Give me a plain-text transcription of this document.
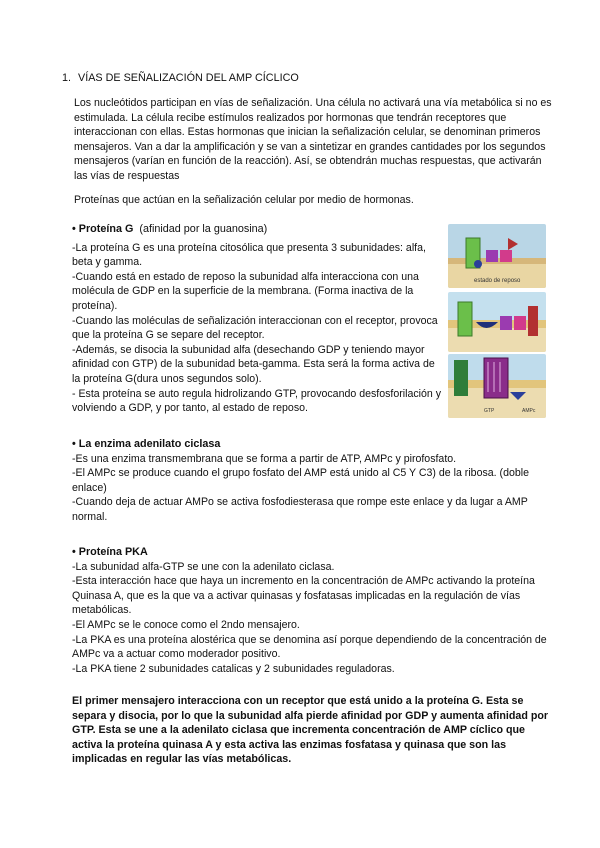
1. VÍAS DE SEÑALIZACIÓN DEL AMP CÍCLICO

Los nucleótidos participan en vías de señalización. Una célula no activará una vía metabólica si no es estimulada. La célula recibe estímulos realizados por hormonas que tendrán receptores que interaccionan con ellas. Estas hormonas que inician la señalización celular, se denominan primeros mensajeros. Van a dar la amplificación y se van a sintetizar en grandes cantidades por los segundos mensajeros (varían en función de la reacción). Así, se obtendrán muchas respuestas, que activarán las vías de respuestas

Proteínas que actúan en la señalización celular por medio de hormonas.

• Proteína G (afinidad por la guanosina)

-La proteína G es una proteína citosólica que presenta 3 subunidades: alfa, beta y gamma.

-Cuando está en estado de reposo la subunidad alfa interacciona con una molécula de GDP en la superficie de la membrana. (Forma inactiva de la proteína).

-Cuando las moléculas de señalización interaccionan con el receptor, provoca que la proteína G se separe del receptor.

-Además, se disocia la subunidad alfa (desechando GDP y teniendo mayor afinidad con GTP) de la subunidad beta-gamma. Esta será la forma activa de la proteína G(dura unos segundos solo).

- Esta proteína se auto regula hidrolizando GTP, provocando desfosforilación y volviendo a GDP, y por tanto, al estado de reposo.

estado de reposo
GTP	AMPc
• La enzima adenilato ciclasa

-Es una enzima transmembrana que se forma a partir de ATP, AMPc y pirofosfato.

-El AMPc se produce cuando el grupo fosfato del AMP está unido al C5 Y C3) de la ribosa. (doble enlace)

-Cuando deja de actuar AMPo se activa fosfodiesterasa que rompe este enlace y da lugar a AMP normal.

• Proteína PKA

-La subunidad alfa-GTP se une con la adenilato ciclasa.

-Esta interacción hace que haya un incremento en la concentración de AMPc activando la proteína Quinasa A, que es la que va a activar quinasas y fosfatasas implicadas en la regulación de vías metabólicas.

-El AMPc se le conoce como el 2ndo mensajero.

-La PKA es una proteína alostérica que se denomina así porque dependiendo de la concentración de AMPc va a actuar como moderador positivo.

-La PKA tiene 2 subunidades catalicas y 2 subunidades reguladoras.

El primer mensajero interacciona con un receptor que está unido a la proteína G. Esta se separa y disocia, por lo que la subunidad alfa pierde afinidad por GDP y aumenta afinidad por GTP. Esta se une a la adenilato ciclasa que incrementa concentración de AMP cíclico que activa la proteína quinasa A y esta activa las enzimas fosfatasa y quinasa que son las implicadas en regular las vías metabólicas.
